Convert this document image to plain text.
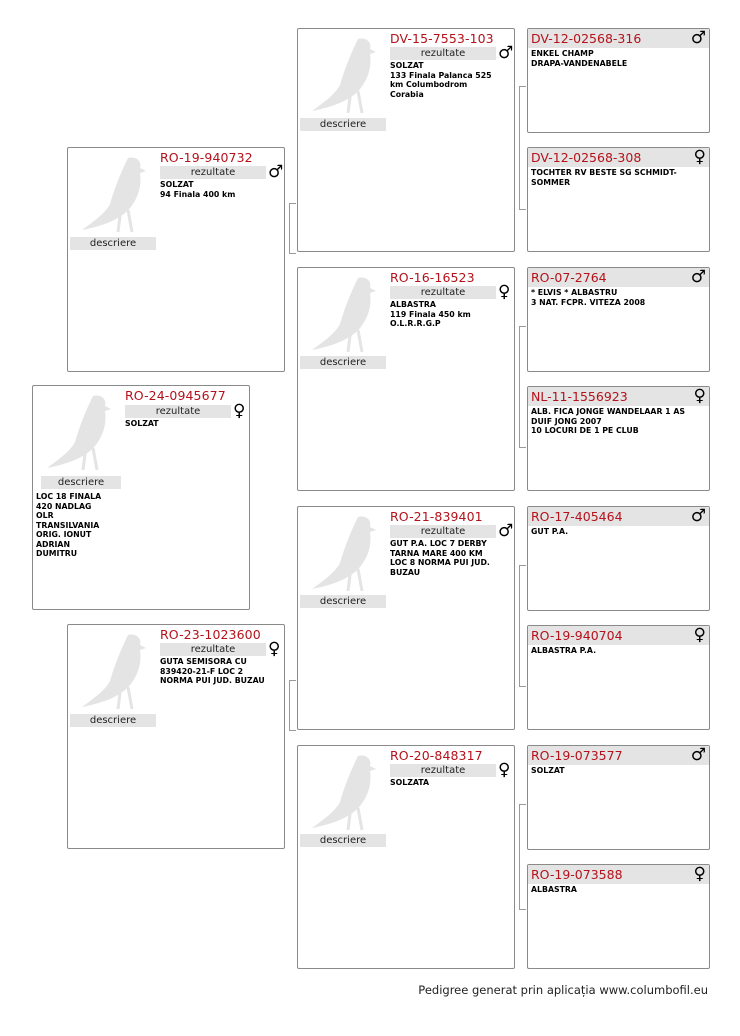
descriere
RO-24-0945677
rezultate	♀
SOLZAT
LOC 18 FINALA
420 NADLAG
OLR
TRANSILVANIA
ORIG. IONUT
ADRIAN
DUMITRU
descriere
RO-19-940732
rezultate	♂
SOLZAT
94 Finala 400 km
descriere
RO-23-1023600
rezultate	♀
GUTA SEMISORA CU
839420-21-F LOC 2
NORMA PUI JUD. BUZAU
descriere
DV-15-7553-103
rezultate	♂
SOLZAT
133 Finala Palanca 525
km Columbodrom
Corabia
descriere
RO-16-16523
rezultate	♀
ALBASTRA
119 Finala 450 km
O.L.R.R.G.P
descriere
RO-21-839401
rezultate	♂
GUT P.A. LOC 7 DERBY
TARNA MARE 400 KM
LOC 8 NORMA PUI JUD.
BUZAU
descriere
RO-20-848317
rezultate	♀
SOLZATA
DV-12-02568-316	♂
ENKEL CHAMP
DRAPA-VANDENABELE
DV-12-02568-308	♀
TOCHTER RV BESTE SG SCHMIDT-
SOMMER
RO-07-2764	♂
* ELVIS * ALBASTRU
3 NAT. FCPR. VITEZA 2008
NL-11-1556923	♀
ALB. FICA JONGE WANDELAAR 1 AS
DUIF JONG 2007
10 LOCURI DE 1 PE CLUB
RO-17-405464	♂
GUT P.A.
RO-19-940704	♀
ALBASTRA P.A.
RO-19-073577	♂
SOLZAT
RO-19-073588	♀
ALBASTRA
Pedigree generat prin aplicația www.columbofil.eu
